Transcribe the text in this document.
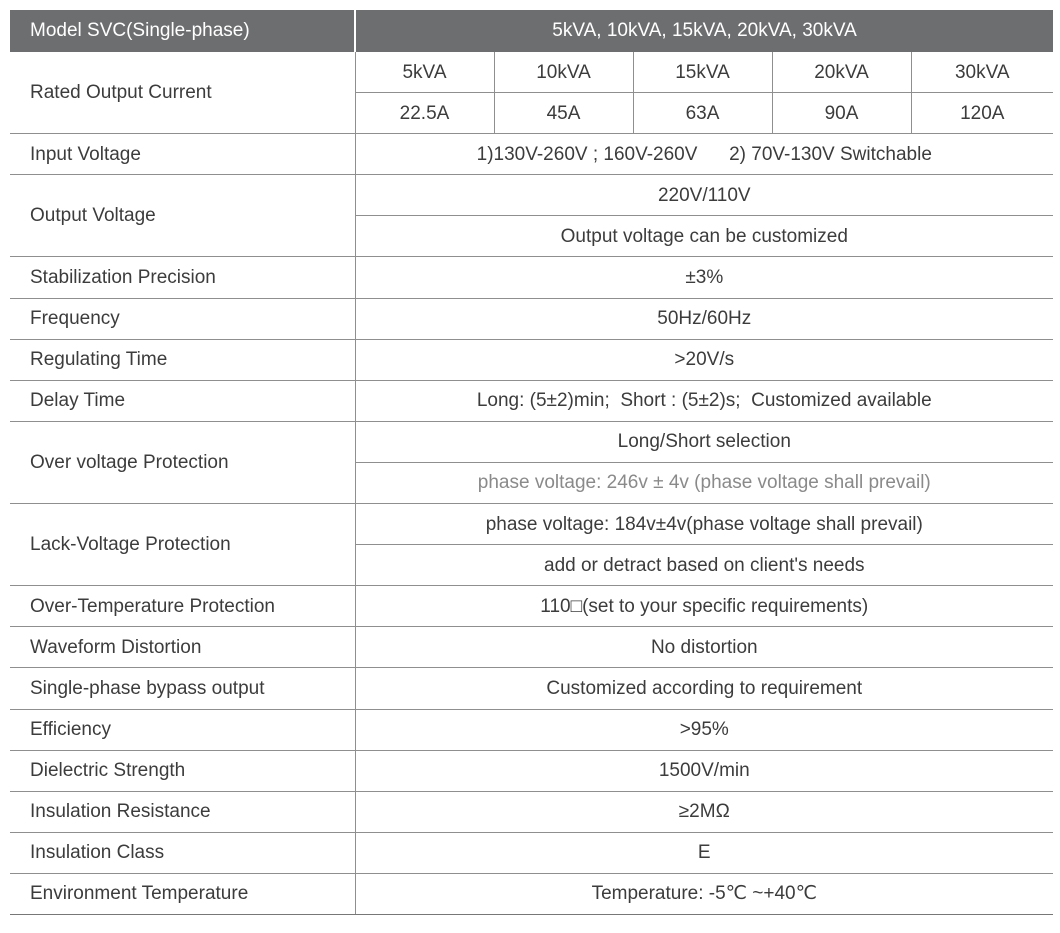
Model SVC(Single-phase)	5kVA, 10kVA, 15kVA, 20kVA, 30kVA				
Rated Output Current	5kVA	10kVA	15kVA	20kVA	30kVA
	22.5A	45A	63A	90A	120A
Input Voltage	1)130V-260V ; 160V-260V      2) 70V-130V Switchable				
Output Voltage	220V/110V				
	Output voltage can be customized				
Stabilization Precision	±3%				
Frequency	50Hz/60Hz				
Regulating Time	>20V/s				
Delay Time	Long: (5±2)min;  Short : (5±2)s;  Customized available				
Over voltage Protection	Long/Short selection				
	phase voltage: 246v ± 4v (phase voltage shall prevail)				
Lack-Voltage Protection	phase voltage: 184v±4v(phase voltage shall prevail)				
	add or detract based on client's needs				
Over-Temperature Protection	110□(set to your specific requirements)				
Waveform Distortion	No distortion				
Single-phase bypass output	Customized according to requirement				
Efficiency	>95%				
Dielectric Strength	1500V/min				
Insulation Resistance	≥2MΩ				
Insulation Class	E				
Environment Temperature	Temperature: -5℃ ~+40℃				
